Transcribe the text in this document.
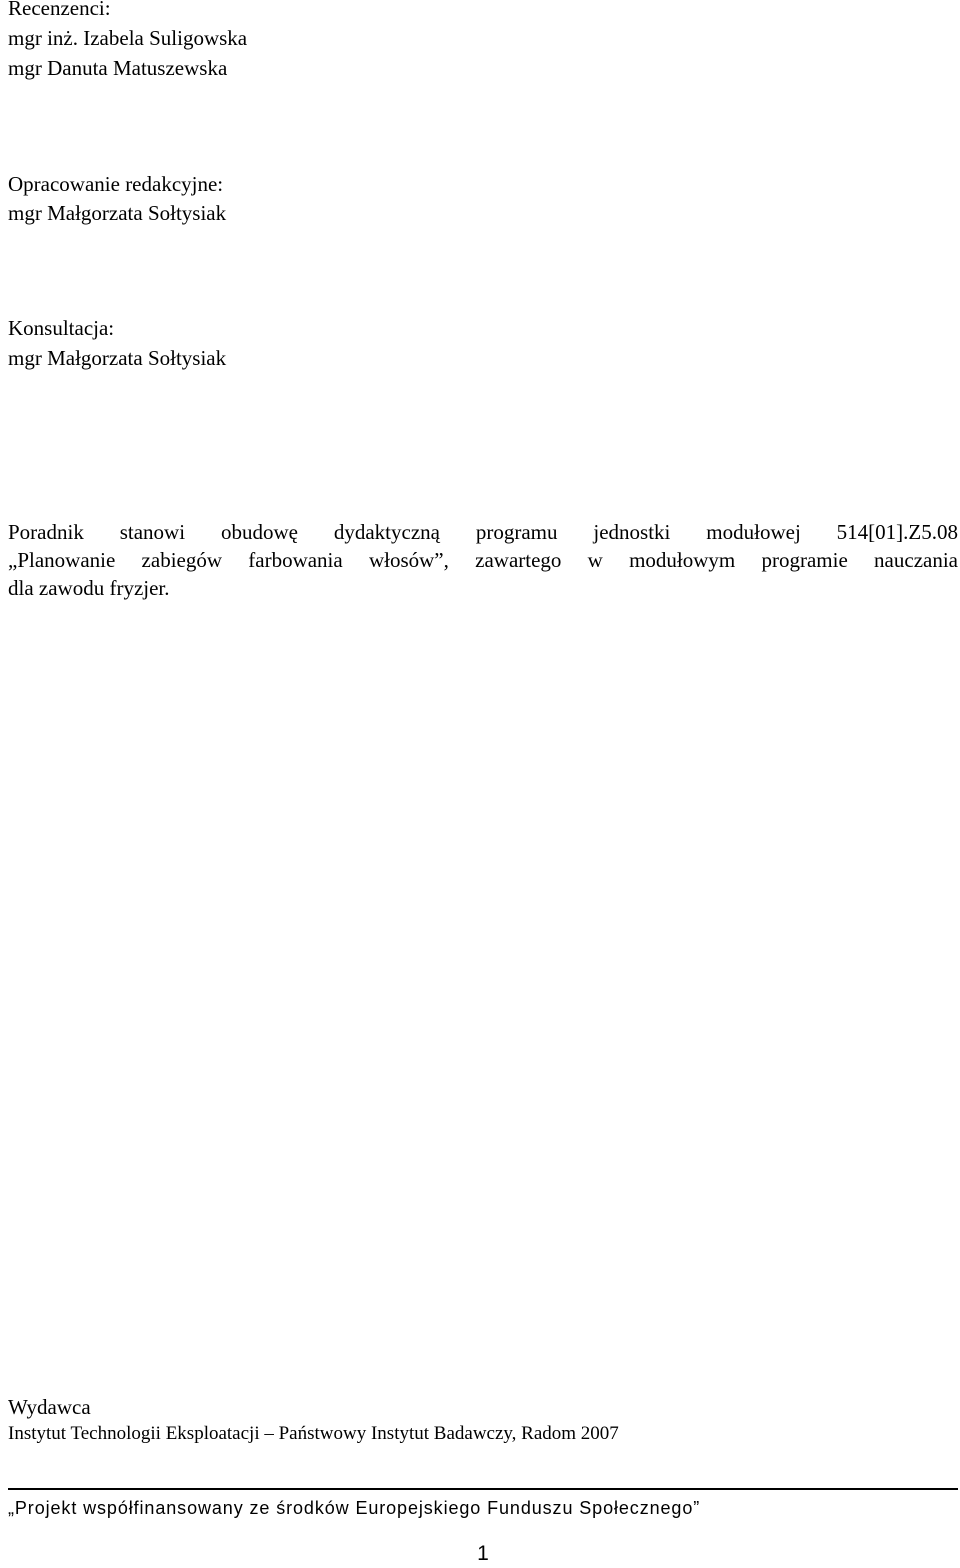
Recenzenci:
mgr inż. Izabela Suligowska
mgr Danuta Matuszewska
Opracowanie redakcyjne:
mgr Małgorzata Sołtysiak
Konsultacja:
mgr Małgorzata Sołtysiak

Poradnik stanowi obudowę dydaktyczną programu jednostki modułowej 514[01].Z5.08
„Planowanie zabiegów farbowania włosów”, zawartego w modułowym programie nauczania
dla zawodu fryzjer.

Wydawca
Instytut Technologii Eksploatacji – Państwowy Instytut Badawczy, Radom 2007
„Projekt współfinansowany ze środków Europejskiego Funduszu Społecznego”
1
